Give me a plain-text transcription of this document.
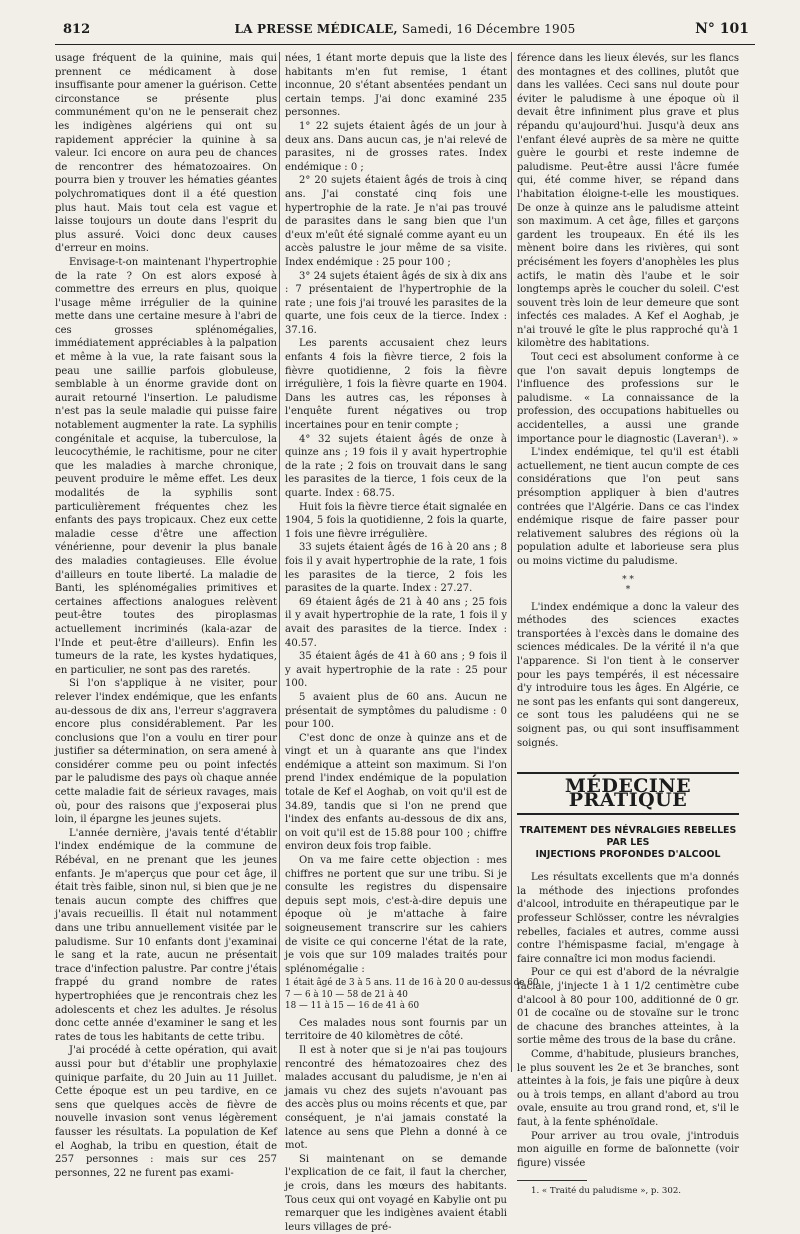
812	LA PRESSE MÉDICALE, Samedi, 16 Décembre 1905	N° 101

usage fréquent de la quinine, mais qui prennent ce médicament à dose insuffisante pour amener la guérison. Cette circonstance se présente plus communément qu'on ne le penserait chez les indigènes algériens qui ont su rapidement apprécier la quinine à sa valeur. Ici encore on aura peu de chances de rencontrer des hématozoaires. On pourra bien y trouver les hématies géantes polychromatiques dont il a été question plus haut. Mais tout cela est vague et laisse toujours un doute dans l'esprit du plus assuré. Voici donc deux causes d'erreur en moins.

Envisage-t-on maintenant l'hypertrophie de la rate ? On est alors exposé à commettre des erreurs en plus, quoique l'usage même irrégulier de la quinine mette dans une certaine mesure à l'abri de ces grosses splénomégalies, immédiatement appréciables à la palpation et même à la vue, la rate faisant sous la peau une saillie parfois globuleuse, semblable à un énorme gravide dont on aurait retourné l'insertion. Le paludisme n'est pas la seule maladie qui puisse faire notablement augmenter la rate. La syphilis congénitale et acquise, la tuberculose, la leucocythémie, le rachitisme, pour ne citer que les maladies à marche chronique, peuvent produire le même effet. Les deux modalités de la syphilis sont particulièrement fréquentes chez les enfants des pays tropicaux. Chez eux cette maladie cesse d'être une affection vénérienne, pour devenir la plus banale des maladies contagieuses. Elle évolue d'ailleurs en toute liberté. La maladie de Banti, les splénomégalies primitives et certaines affections analogues relèvent peut-être toutes des piroplasmas actuellement incriminés (kala-azar de l'Inde et peut-être d'ailleurs). Enfin les tumeurs de la rate, les kystes hydatiques, en particulier, ne sont pas des raretés.

Si l'on s'applique à ne visiter, pour relever l'index endémique, que les enfants au-dessous de dix ans, l'erreur s'aggravera encore plus considérablement. Par les conclusions que l'on a voulu en tirer pour justifier sa détermination, on sera amené à considérer comme peu ou point infectés par le paludisme des pays où chaque année cette maladie fait de sérieux ravages, mais où, pour des raisons que j'exposerai plus loin, il épargne les jeunes sujets.

L'année dernière, j'avais tenté d'établir l'index endémique de la commune de Rébéval, en ne prenant que les jeunes enfants. Je m'aperçus que pour cet âge, il était très faible, sinon nul, si bien que je ne tenais aucun compte des chiffres que j'avais recueillis. Il était nul notamment dans une tribu annuellement visitée par le paludisme. Sur 10 enfants dont j'examinai le sang et la rate, aucun ne présentait trace d'infection palustre. Par contre j'étais frappé du grand nombre de rates hypertrophiées que je rencontrais chez les adolescents et chez les adultes. Je résolus donc cette année d'examiner le sang et les rates de tous les habitants de cette tribu.

J'ai procédé à cette opération, qui avait aussi pour but d'établir une prophylaxie quinique parfaite, du 20 Juin au 11 Juillet. Cette époque est un peu tardive, en ce sens que quelques accès de fièvre de nouvelle invasion sont venus légèrement fausser les résultats. La population de Kef el Aoghab, la tribu en question, était de 257 personnes : mais sur ces 257 personnes, 22 ne furent pas exami-

nées, 1 étant morte depuis que la liste des habitants m'en fut remise, 1 étant inconnue, 20 s'étant absentées pendant un certain temps. J'ai donc examiné 235 personnes.

1° 22 sujets étaient âgés de un jour à deux ans. Dans aucun cas, je n'ai relevé de parasites, ni de grosses rates. Index endémique : 0 ;

2° 20 sujets étaient âgés de trois à cinq ans. J'ai constaté cinq fois une hypertrophie de la rate. Je n'ai pas trouvé de parasites dans le sang bien que l'un d'eux m'eût été signalé comme ayant eu un accès palustre le jour même de sa visite. Index endémique : 25 pour 100 ;

3° 24 sujets étaient âgés de six à dix ans : 7 présentaient de l'hypertrophie de la rate ; une fois j'ai trouvé les parasites de la quarte, une fois ceux de la tierce. Index : 37.16.

Les parents accusaient chez leurs enfants 4 fois la fièvre tierce, 2 fois la fièvre quotidienne, 2 fois la fièvre irrégulière, 1 fois la fièvre quarte en 1904. Dans les autres cas, les réponses à l'enquête furent négatives ou trop incertaines pour en tenir compte ;

4° 32 sujets étaient âgés de onze à quinze ans ; 19 fois il y avait hypertrophie de la rate ; 2 fois on trouvait dans le sang les parasites de la tierce, 1 fois ceux de la quarte. Index : 68.75.

Huit fois la fièvre tierce était signalée en 1904, 5 fois la quotidienne, 2 fois la quarte, 1 fois une fièvre irrégulière.

33 sujets étaient âgés de 16 à 20 ans ; 8 fois il y avait hypertrophie de la rate, 1 fois les parasites de la tierce, 2 fois les parasites de la quarte. Index : 27.27.

69 étaient âgés de 21 à 40 ans ; 25 fois il y avait hypertrophie de la rate, 1 fois il y avait des parasites de la tierce. Index : 40.57.

35 étaient âgés de 41 à 60 ans ; 9 fois il y avait hypertrophie de la rate : 25 pour 100.

5 avaient plus de 60 ans. Aucun ne présentait de symptômes du paludisme : 0 pour 100.

C'est donc de onze à quinze ans et de vingt et un à quarante ans que l'index endémique a atteint son maximum. Si l'on prend l'index endémique de la population totale de Kef el Aoghab, on voit qu'il est de 34.89, tandis que si l'on ne prend que l'index des enfants au-dessous de dix ans, on voit qu'il est de 15.88 pour 100 ; chiffre environ deux fois trop faible.

On va me faire cette objection : mes chiffres ne portent que sur une tribu. Si je consulte les registres du dispensaire depuis sept mois, c'est-à-dire depuis une époque où je m'attache à faire soigneusement transcrire sur les cahiers de visite ce qui concerne l'état de la rate, je vois que sur 109 malades traités pour splénomégalie :

1 était âgé de 3 à 5 ans. 11 de 16 à 20 0 au-dessus de 60
7 — 6 à 10 — 58 de 21 à 40
18 — 11 à 15 — 16 de 41 à 60

Ces malades nous sont fournis par un territoire de 40 kilomètres de côté.

Il est à noter que si je n'ai pas toujours rencontré des hématozoaires chez des malades accusant du paludisme, je n'en ai jamais vu chez des sujets n'avouant pas des accès plus ou moins récents et que, par conséquent, je n'ai jamais constaté la latence au sens que Plehn a donné à ce mot.

Si maintenant on se demande l'explication de ce fait, il faut la chercher, je crois, dans les mœurs des habitants. Tous ceux qui ont voyagé en Kabylie ont pu remarquer que les indigènes avaient établi leurs villages de pré-

férence dans les lieux élevés, sur les flancs des montagnes et des collines, plutôt que dans les vallées. Ceci sans nul doute pour éviter le paludisme à une époque où il devait être infiniment plus grave et plus répandu qu'aujourd'hui. Jusqu'à deux ans l'enfant élevé auprès de sa mère ne quitte guère le gourbi et reste indemne de paludisme. Peut-être aussi l'âcre fumée qui, été comme hiver, se répand dans l'habitation éloigne-t-elle les moustiques. De onze à quinze ans le paludisme atteint son maximum. A cet âge, filles et garçons gardent les troupeaux. En été ils les mènent boire dans les rivières, qui sont précisément les foyers d'anophèles les plus actifs, le matin dès l'aube et le soir longtemps après le coucher du soleil. C'est souvent très loin de leur demeure que sont infectés ces malades. A Kef el Aoghab, je n'ai trouvé le gîte le plus rapproché qu'à 1 kilomètre des habitations.

Tout ceci est absolument conforme à ce que l'on savait depuis longtemps de l'influence des professions sur le paludisme. « La connaissance de la profession, des occupations habituelles ou accidentelles, a aussi une grande importance pour le diagnostic (Laveran¹). »

L'index endémique, tel qu'il est établi actuellement, ne tient aucun compte de ces considérations que l'on peut sans présomption appliquer à bien d'autres contrées que l'Algérie. Dans ce cas l'index endémique risque de faire passer pour relativement salubres des régions où la population adulte et laborieuse sera plus ou moins victime du paludisme.

* *
*

L'index endémique a donc la valeur des méthodes des sciences exactes transportées à l'excès dans le domaine des sciences médicales. De la vérité il n'a que l'apparence. Si l'on tient à le conserver pour les pays tempérés, il est nécessaire d'y introduire tous les âges. En Algérie, ce ne sont pas les enfants qui sont dangereux, ce sont tous les paludéens qui ne se soignent pas, ou qui sont insuffisamment soignés.

MÉDECINE PRATIQUE
TRAITEMENT DES NÉVRALGIES REBELLES
PAR LES
INJECTIONS PROFONDES D'ALCOOL

Les résultats excellents que m'a donnés la méthode des injections profondes d'alcool, introduite en thérapeutique par le professeur Schlösser, contre les névralgies rebelles, faciales et autres, comme aussi contre l'hémispasme facial, m'engage à faire connaître ici mon modus faciendi.

Pour ce qui est d'abord de la névralgie faciale, j'injecte 1 à 1 1/2 centimètre cube d'alcool à 80 pour 100, additionné de 0 gr. 01 de cocaïne ou de stovaïne sur le tronc de chacune des branches atteintes, à la sortie même des trous de la base du crâne.

Comme, d'habitude, plusieurs branches, le plus souvent les 2e et 3e branches, sont atteintes à la fois, je fais une piqûre à deux ou à trois temps, en allant d'abord au trou ovale, ensuite au trou grand rond, et, s'il le faut, à la fente sphénoïdale.

Pour arriver au trou ovale, j'introduis mon aiguille en forme de baïonnette (voir figure) vissée

1. « Traité du paludisme », p. 302.
